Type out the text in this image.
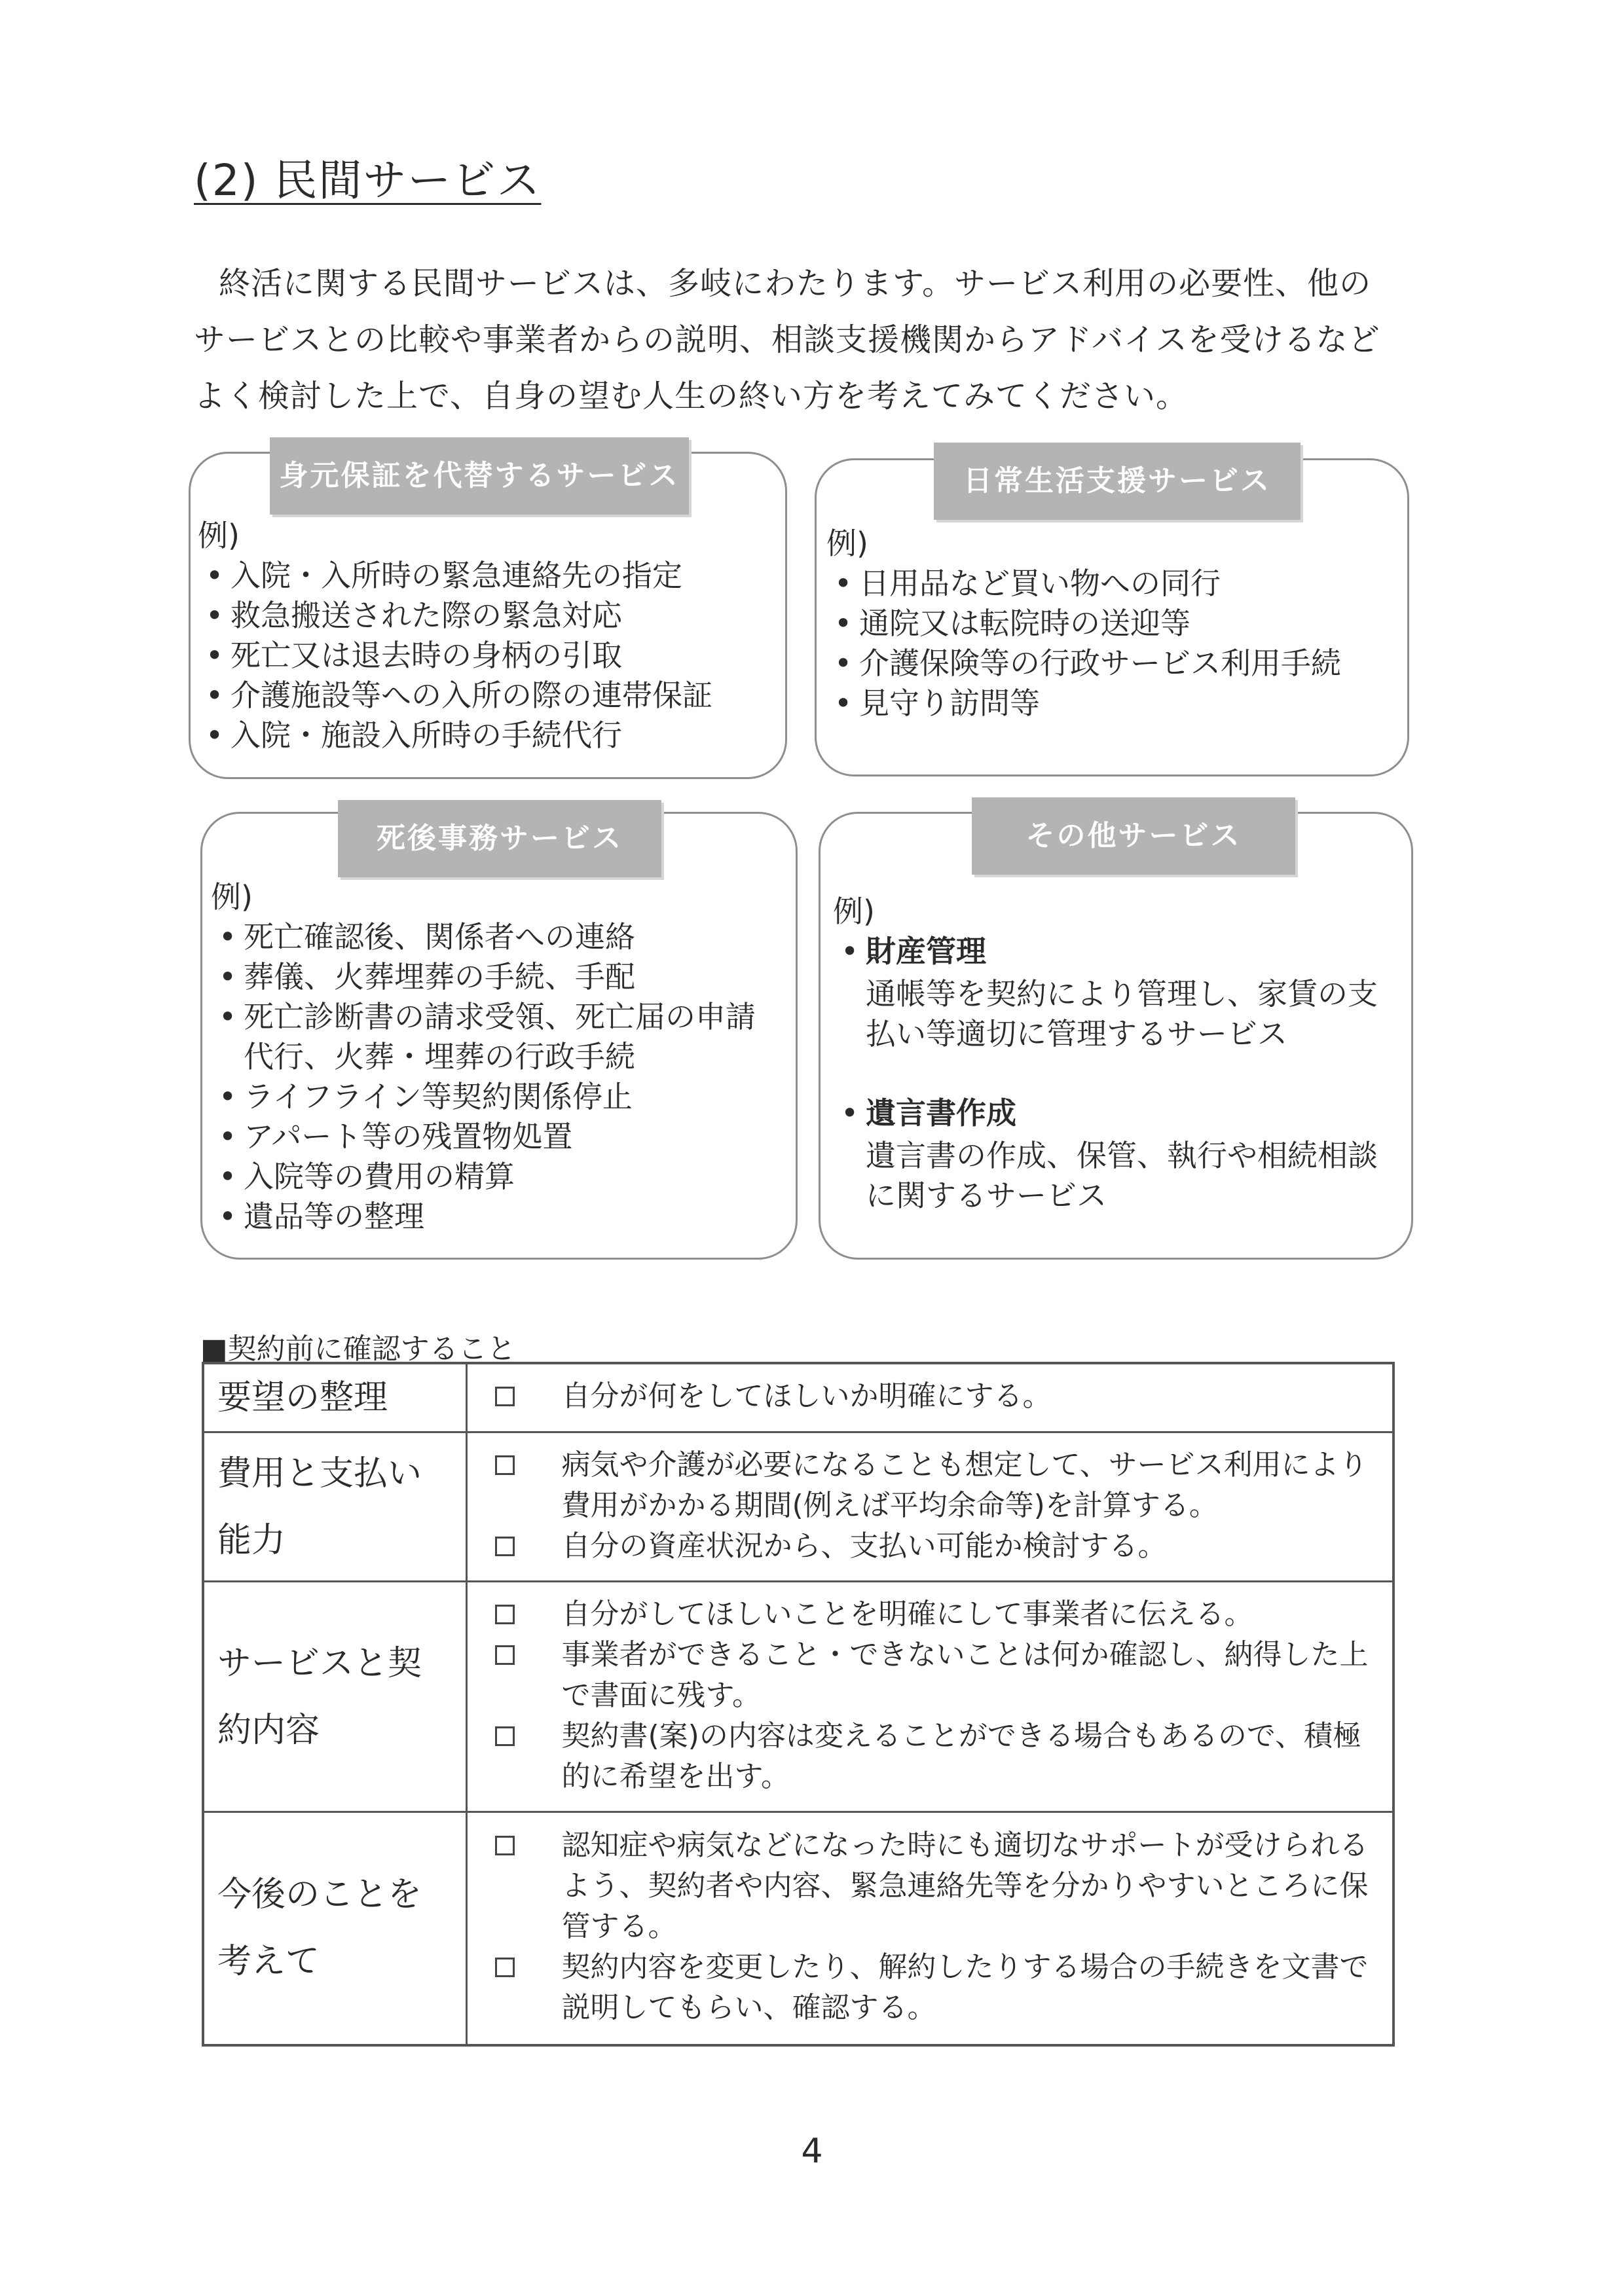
(2) 民間サービス
終活に関する民間サービスは、多岐にわたります。サービス利用の必要性、他のサービスとの比較や事業者からの説明、相談支援機関からアドバイスを受けるなどよく検討した上で、自身の望む人生の終い方を考えてみてください。
身元保証を代替するサービス
例)
• 入院・入所時の緊急連絡先の指定
• 救急搬送された際の緊急対応
• 死亡又は退去時の身柄の引取
• 介護施設等への入所の際の連帯保証
• 入院・施設入所時の手続代行
日常生活支援サービス
例)
• 日用品など買い物への同行
• 通院又は転院時の送迎等
• 介護保険等の行政サービス利用手続
• 見守り訪問等
死後事務サービス
例)
• 死亡確認後、関係者への連絡
• 葬儀、火葬埋葬の手続、手配
• 死亡診断書の請求受領、死亡届の申請代行、火葬・埋葬の行政手続
• ライフライン等契約関係停止
• アパート等の残置物処置
• 入院等の費用の精算
• 遺品等の整理
その他サービス
例)
• 財産管理
通帳等を契約により管理し、家賃の支払い等適切に管理するサービス
• 遺言書作成
遺言書の作成、保管、執行や相続相談に関するサービス
■契約前に確認すること
要望の整理	自分が何をしてほしいか明確にする。

費用と支払い能力	病気や介護が必要になることも想定して、サービス利用により費用がかかる期間(例えば平均余命等)を計算する。
自分の資産状況から、支払い可能か検討する。

サービスと契約内容	自分がしてほしいことを明確にして事業者に伝える。
事業者ができること・できないことは何か確認し、納得した上で書面に残す。
契約書(案)の内容は変えることができる場合もあるので、積極的に希望を出す。

今後のことを考えて	認知症や病気などになった時にも適切なサポートが受けられるよう、契約者や内容、緊急連絡先等を分かりやすいところに保管する。
契約内容を変更したり、解約したりする場合の手続きを文書で説明してもらい、確認する。
4
